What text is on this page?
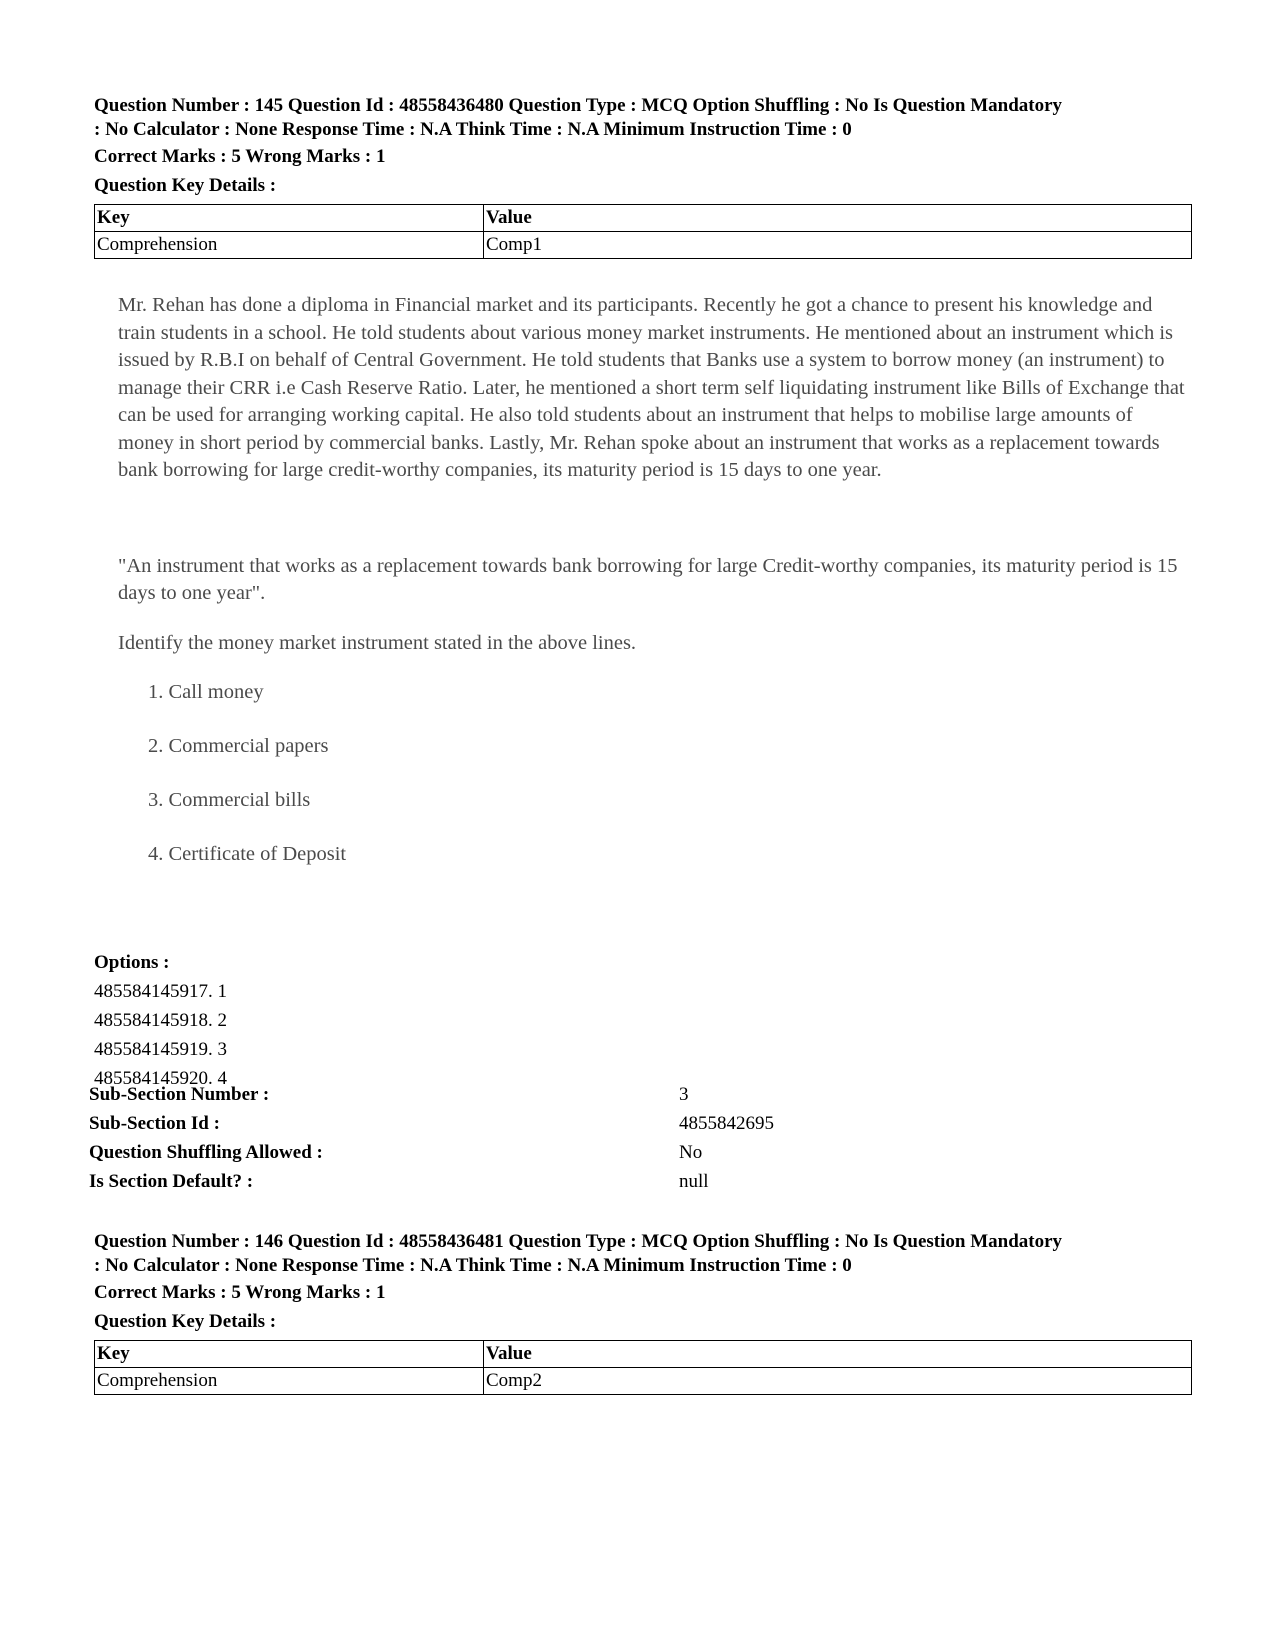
Question Number : 145 Question Id : 48558436480 Question Type : MCQ Option Shuffling : No Is Question Mandatory
: No Calculator : None Response Time : N.A Think Time : N.A Minimum Instruction Time : 0
Correct Marks : 5 Wrong Marks : 1
Question Key Details :
Key	Value
Comprehension	Comp1

Mr. Rehan has done a diploma in Financial market and its participants. Recently he got a chance to present his knowledge and train students in a school. He told students about various money market instruments. He mentioned about an instrument which is issued by R.B.I on behalf of Central Government. He told students that Banks use a system to borrow money (an instrument) to manage their CRR i.e Cash Reserve Ratio. Later, he mentioned a short term self liquidating instrument like Bills of Exchange that can be used for arranging working capital. He also told students about an instrument that helps to mobilise large amounts of money in short period by commercial banks. Lastly, Mr. Rehan spoke about an instrument that works as a replacement towards bank borrowing for large credit-worthy companies, its maturity period is 15 days to one year.

"An instrument that works as a replacement towards bank borrowing for large Credit-worthy companies, its maturity period is 15 days to one year".

Identify the money market instrument stated in the above lines.

1. Call money
2. Commercial papers
3. Commercial bills
4. Certificate of Deposit
Options :
485584145917. 1
485584145918. 2
485584145919. 3
485584145920. 4
Sub-Section Number :	3
Sub-Section Id :	4855842695
Question Shuffling Allowed :	No
Is Section Default? :	null
Question Number : 146 Question Id : 48558436481 Question Type : MCQ Option Shuffling : No Is Question Mandatory
: No Calculator : None Response Time : N.A Think Time : N.A Minimum Instruction Time : 0
Correct Marks : 5 Wrong Marks : 1
Question Key Details :
Key	Value
Comprehension	Comp2
